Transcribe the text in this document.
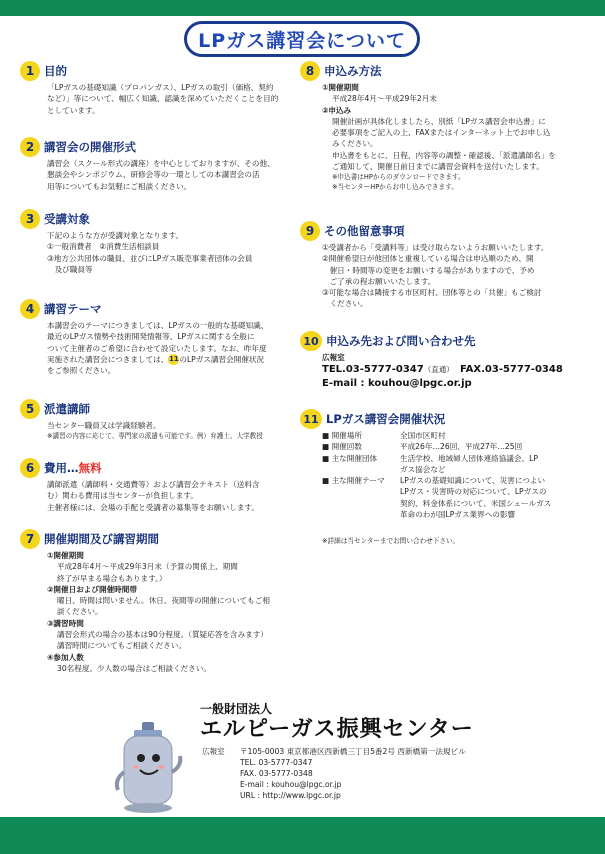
LPガス講習会について
1 目的

「LPガスの基礎知識（プロパンガス）、LPガスの取引（価格、契約

など）」等について、幅広く知識、認識を深めていただくことを目的

としています。

2 講習会の開催形式

講習会（スクール形式の講座）を中心としておりますが、その他、

懇談会やシンポジウム、研修会等の一環としての本講習会の活

用等についてもお気軽にご相談ください。

3 受講対象

下記のような方が受講対象となります。

①一般消費者　②消費生活相談員

③地方公共団体の職員、並びにLPガス販売事業者団体の会員

　及び職員等

4 講習テーマ

本講習会のテーマにつきましては、LPガスの一般的な基礎知識、

最近のLPガス情勢や技術開発情報等、LPガスに関する全般に

ついて主催者のご希望に合わせて設定いたします。なお、昨年度

実施された講習会につきましては、11のLPガス講習会開催状況

をご参照ください。

5 派遣講師

当センター職員又は学識経験者。

※講習の内容に応じて、専門家の派遣も可能です。例）弁護士、大学教授

6 費用…無料

講師派遣（講師料・交通費等）および講習会テキスト（送料含

む）関わる費用は当センターが負担します。

主催者様には、会場の手配と受講者の募集等をお願いします。

7 開催期間及び講習期間

①開催期間

平成28年4月〜平成29年3月末（予算の関係上、期間

終了が早まる場合もあります。）

②開催日および開催時間帯

曜日、時間は問いません。休日、夜間等の開催についてもご相

談ください。

③講習時間

講習会形式の場合の基本は90分程度。（質疑応答を含みます）

講習時間についてもご相談ください。

④参加人数

30名程度。少人数の場合はご相談ください。

8 申込み方法

①開催期間

平成28年4月〜平成29年2月末

②申込み

開催計画が具体化しましたら、別紙「LPガス講習会申込書」に

必要事項をご記入の上、FAXまたはインターネット上でお申し込

みください。

申込書をもとに、日程、内容等の調整・確認後、「派遣講師名」を

ご通知して、開催日前日までに講習会資料を送付いたします。

※申込書はHPからのダウンロードできます。

※当センターHPからお申し込みできます。

9 その他留意事項

①受講者から「受講料等」は受け取らないようお願いいたします。

②開催希望日が他団体と重複している場合は申込順のため、開

　催日・時間等の変更をお願いする場合がありますので、予め

　ご了承の程お願いいたします。

③可能な場合は隣接する市区町村、団体等との「共催」もご検討

　ください。

10 申込み先および問い合わせ先

広報室

TEL.03-5777-0347（直通）　 FAX.03-5777-0348

E-mail : kouhou@lpgc.or.jp

11 LPガス講習会開催状況
■ 開催場所	全国市区町村

■ 開催回数	平成26年…26回、平成27年…25回

■ 主な開催団体	生活学校、地域婦人団体連絡協議会、LP

ガス協会など

■ 主な開催テーマ	LPガスの基礎知識について、災害につよい

LPガス・災害時の対応について、LPガスの

契約、料金体系について、米国シェールガス

革命のわが国LPガス業界への影響

※詳細は当センターまでお問い合わせ下さい。

一般財団法人
エルピーガス振興センター
広報室	〒105-0003 東京都港区西新橋三丁目5番2号 西新橋第一法規ビル

TEL. 03-5777-0347

FAX. 03-5777-0348

E-mail : kouhou@lpgc.or.jp

URL : http://www.lpgc.or.jp
